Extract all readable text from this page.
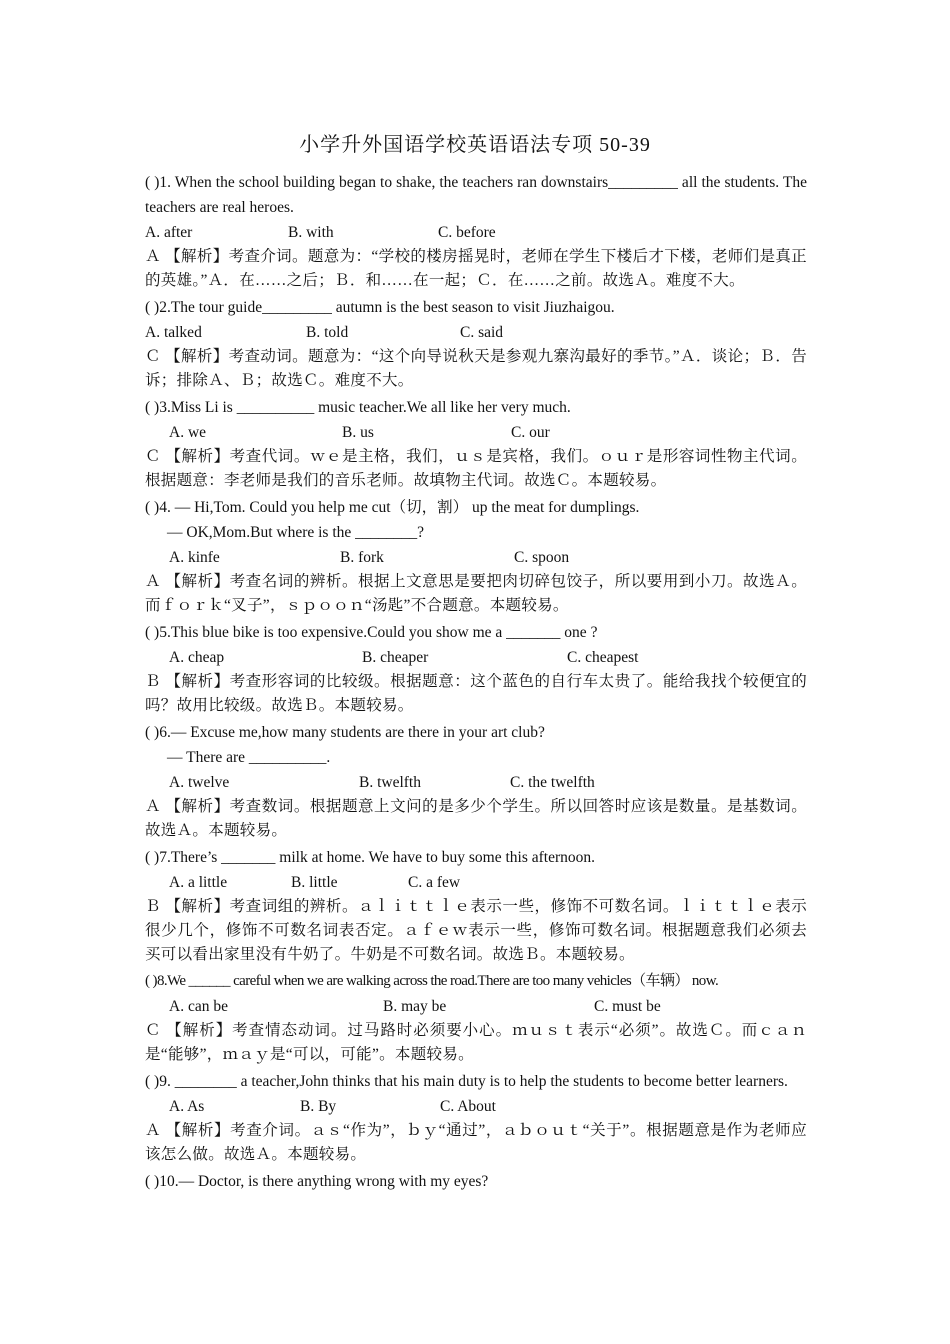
小学升外国语学校英语语法专项 50-39

( )1. When the school building began to shake, the teachers ran downstairs_________ all the students. The teachers are real heroes.

A. after	B. with	C. before

Ａ 【解析】考查介词。题意为：“学校的楼房摇晃时，老师在学生下楼后才下楼，老师们是真正的英雄。”Ａ．在……之后；Ｂ．和……在一起；Ｃ．在……之前。故选Ａ。难度不大。

( )2.The tour guide_________ autumn is the best season to visit Jiuzhaigou.

A. talked	B. told	C. said

Ｃ 【解析】考查动词。题意为：“这个向导说秋天是参观九寨沟最好的季节。”Ａ．谈论；Ｂ．告诉；排除Ａ、Ｂ；故选Ｃ。难度不大。

( )3.Miss Li is __________ music teacher.We all like her very much.

A. we	B. us	C. our

Ｃ 【解析】考查代词。ｗｅ是主格，我们，ｕｓ是宾格，我们。ｏｕｒ是形容词性物主代词。根据题意：李老师是我们的音乐老师。故填物主代词。故选Ｃ。本题较易。

( )4. — Hi,Tom. Could you help me cut（切，割） up the meat for dumplings.

— OK,Mom.But where is the ________?

A. kinfe	B. fork	C. spoon

Ａ 【解析】考查名词的辨析。根据上文意思是要把肉切碎包饺子，所以要用到小刀。故选Ａ。而ｆｏｒｋ“叉子”，ｓｐｏｏｎ“汤匙”不合题意。本题较易。

( )5.This blue bike is too expensive.Could you show me a _______ one ?

A. cheap	B. cheaper	C. cheapest

Ｂ 【解析】考查形容词的比较级。根据题意：这个蓝色的自行车太贵了。能给我找个较便宜的吗？故用比较级。故选Ｂ。本题较易。

( )6.— Excuse me,how many students are there in your art club?

— There are __________.

A. twelve	B. twelfth	C. the twelfth

Ａ 【解析】考查数词。根据题意上文问的是多少个学生。所以回答时应该是数量。是基数词。故选Ａ。本题较易。

( )7.There’s _______ milk at home. We have to buy some this afternoon.

A. a little	B. little	C. a few

Ｂ 【解析】考查词组的辨析。ａｌｉｔｔｌｅ表示一些，修饰不可数名词。ｌｉｔｔｌｅ表示很少几个，修饰不可数名词表否定。ａｆｅｗ表示一些，修饰可数名词。根据题意我们必须去买可以看出家里没有牛奶了。牛奶是不可数名词。故选Ｂ。本题较易。

( )8.We ______ careful when we are walking across the road.There are too many vehicles（车辆） now.

A. can be	B. may be	C. must be

Ｃ 【解析】考查情态动词。过马路时必须要小心。ｍｕｓｔ表示“必须”。故选Ｃ。而ｃａｎ是“能够”，ｍａｙ是“可以，可能”。本题较易。

( )9. ________ a teacher,John thinks that his main duty is to help the students to become better learners.

A. As	B. By	C. About

Ａ 【解析】考查介词。ａｓ“作为”，ｂｙ“通过”，ａｂｏｕｔ“关于”。根据题意是作为老师应该怎么做。故选Ａ。本题较易。

( )10.— Doctor, is there anything wrong with my eyes?
